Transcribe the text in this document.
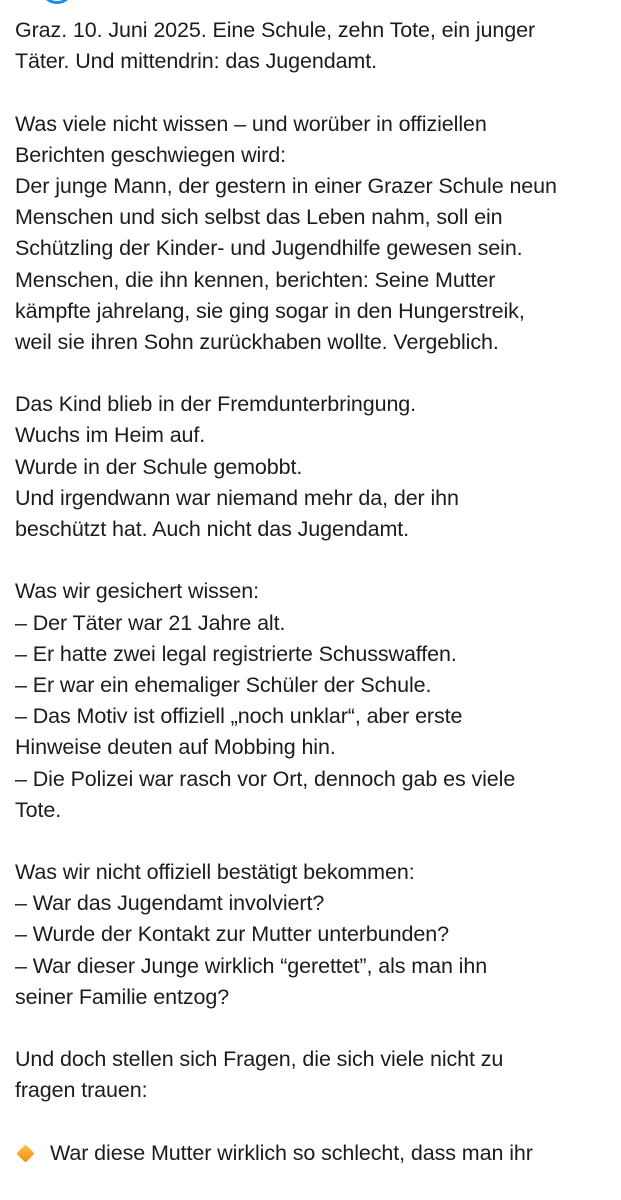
Graz. 10. Juni 2025. Eine Schule, zehn Tote, ein junger
Täter. Und mittendrin: das Jugendamt.
Was viele nicht wissen – und worüber in offiziellen
Berichten geschwiegen wird:
Der junge Mann, der gestern in einer Grazer Schule neun
Menschen und sich selbst das Leben nahm, soll ein
Schützling der Kinder- und Jugendhilfe gewesen sein.
Menschen, die ihn kennen, berichten: Seine Mutter
kämpfte jahrelang, sie ging sogar in den Hungerstreik,
weil sie ihren Sohn zurückhaben wollte. Vergeblich.
Das Kind blieb in der Fremdunterbringung.
Wuchs im Heim auf.
Wurde in der Schule gemobbt.
Und irgendwann war niemand mehr da, der ihn
beschützt hat. Auch nicht das Jugendamt.
Was wir gesichert wissen:
– Der Täter war 21 Jahre alt.
– Er hatte zwei legal registrierte Schusswaffen.
– Er war ein ehemaliger Schüler der Schule.
– Das Motiv ist offiziell „noch unklar“, aber erste
Hinweise deuten auf Mobbing hin.
– Die Polizei war rasch vor Ort, dennoch gab es viele
Tote.
Was wir nicht offiziell bestätigt bekommen:
– War das Jugendamt involviert?
– Wurde der Kontakt zur Mutter unterbunden?
– War dieser Junge wirklich “gerettet”, als man ihn
seiner Familie entzog?
Und doch stellen sich Fragen, die sich viele nicht zu
fragen trauen:
War diese Mutter wirklich so schlecht, dass man ihr
